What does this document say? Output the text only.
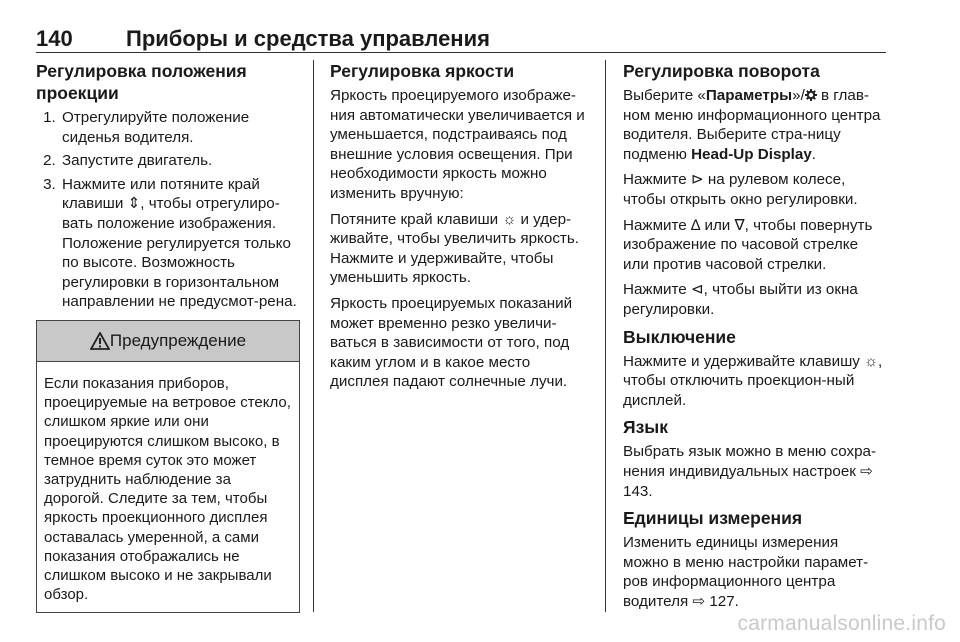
140 Приборы и средства управления
Регулировка положения проекции
1. Отрегулируйте положение сиденья водителя.
2. Запустите двигатель.
3. Нажмите или потяните край клавиши ⇕, чтобы отрегулиро-вать положение изображения. Положение регулируется только по высоте. Возможность регулировки в горизонтальном направлении не предусмот-рена.
Предупреждение
Если показания приборов, проецируемые на ветровое стекло, слишком яркие или они проецируются слишком высоко, в темное время суток это может затруднить наблюдение за дорогой. Следите за тем, чтобы яркость проекционного дисплея оставалась умеренной, а сами показания отображались не слишком высоко и не закрывали обзор.
Регулировка яркости

Яркость проецируемого изображе-ния автоматически увеличивается и уменьшается, подстраиваясь под внешние условия освещения. При необходимости яркость можно изменить вручную:

Потяните край клавиши ☼ и удер-живайте, чтобы увеличить яркость. Нажмите и удерживайте, чтобы уменьшить яркость.

Яркость проецируемых показаний может временно резко увеличи-ваться в зависимости от того, под каким углом и в какое место дисплея падают солнечные лучи.

Регулировка поворота

Выберите «Параметры»/ в глав-ном меню информационного центра водителя. Выберите стра-ницу подменю Head-Up Display.

Нажмите ⊳ на рулевом колесе, чтобы открыть окно регулировки.

Нажмите ∆ или ∇, чтобы повернуть изображение по часовой стрелке или против часовой стрелки.

Нажмите ⊲, чтобы выйти из окна регулировки.

Выключение

Нажмите и удерживайте клавишу ☼, чтобы отключить проекцион-ный дисплей.

Язык

Выбрать язык можно в меню сохра-нения индивидуальных настроек ⇨ 143.

Единицы измерения

Изменить единицы измерения можно в меню настройки парамет-ров информационного центра водителя ⇨ 127.

carmanualsonline.info
